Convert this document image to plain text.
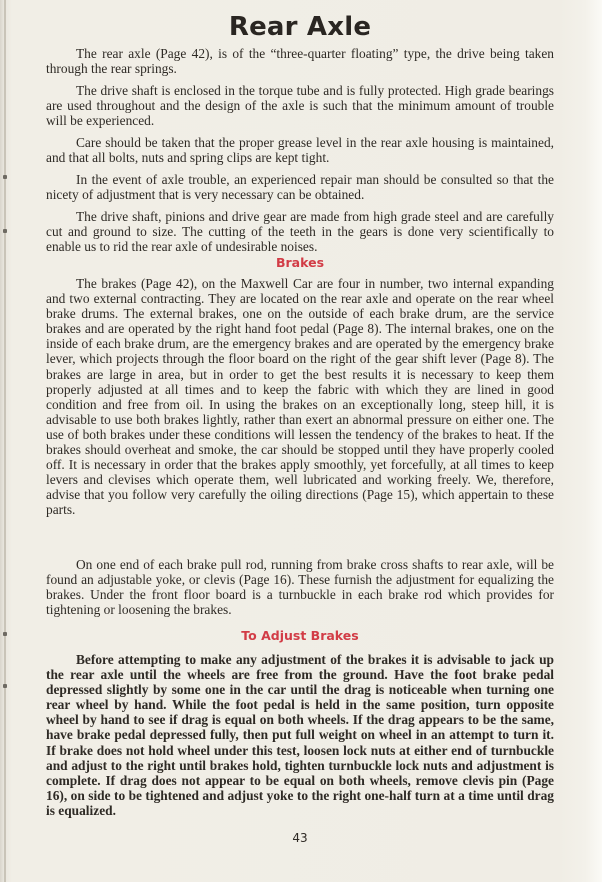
Rear Axle

The rear axle (Page 42), is of the “three-quarter floating” type, the drive being taken through the rear springs.

The drive shaft is enclosed in the torque tube and is fully protected. High grade bearings are used throughout and the design of the axle is such that the minimum amount of trouble will be experienced.

Care should be taken that the proper grease level in the rear axle housing is maintained, and that all bolts, nuts and spring clips are kept tight.

In the event of axle trouble, an experienced repair man should be consulted so that the nicety of adjustment that is very necessary can be obtained.

The drive shaft, pinions and drive gear are made from high grade steel and are carefully cut and ground to size. The cutting of the teeth in the gears is done very scientifically to enable us to rid the rear axle of undesirable noises.

Brakes

The brakes (Page 42), on the Maxwell Car are four in number, two internal expanding and two external contracting. They are located on the rear axle and operate on the rear wheel brake drums. The external brakes, one on the outside of each brake drum, are the service brakes and are operated by the right hand foot pedal (Page 8). The internal brakes, one on the inside of each brake drum, are the emergency brakes and are operated by the emergency brake lever, which projects through the floor board on the right of the gear shift lever (Page 8). The brakes are large in area, but in order to get the best results it is necessary to keep them properly adjusted at all times and to keep the fabric with which they are lined in good condition and free from oil. In using the brakes on an exceptionally long, steep hill, it is advisable to use both brakes lightly, rather than exert an abnormal pressure on either one. The use of both brakes under these conditions will lessen the tendency of the brakes to heat. If the brakes should overheat and smoke, the car should be stopped until they have properly cooled off. It is necessary in order that the brakes apply smoothly, yet forcefully, at all times to keep levers and clevises which operate them, well lubricated and working freely. We, therefore, advise that you follow very carefully the oiling directions (Page 15), which appertain to these parts.

On one end of each brake pull rod, running from brake cross shafts to rear axle, will be found an adjustable yoke, or clevis (Page 16). These furnish the adjustment for equalizing the brakes. Under the front floor board is a turnbuckle in each brake rod which provides for tightening or loosening the brakes.

To Adjust Brakes

Before attempting to make any adjustment of the brakes it is advisable to jack up the rear axle until the wheels are free from the ground. Have the foot brake pedal depressed slightly by some one in the car until the drag is noticeable when turning one rear wheel by hand. While the foot pedal is held in the same position, turn opposite wheel by hand to see if drag is equal on both wheels. If the drag appears to be the same, have brake pedal depressed fully, then put full weight on wheel in an attempt to turn it. If brake does not hold wheel under this test, loosen lock nuts at either end of turnbuckle and adjust to the right until brakes hold, tighten turnbuckle lock nuts and adjustment is complete. If drag does not appear to be equal on both wheels, remove clevis pin (Page 16), on side to be tightened and adjust yoke to the right one-half turn at a time until drag is equalized.

43
